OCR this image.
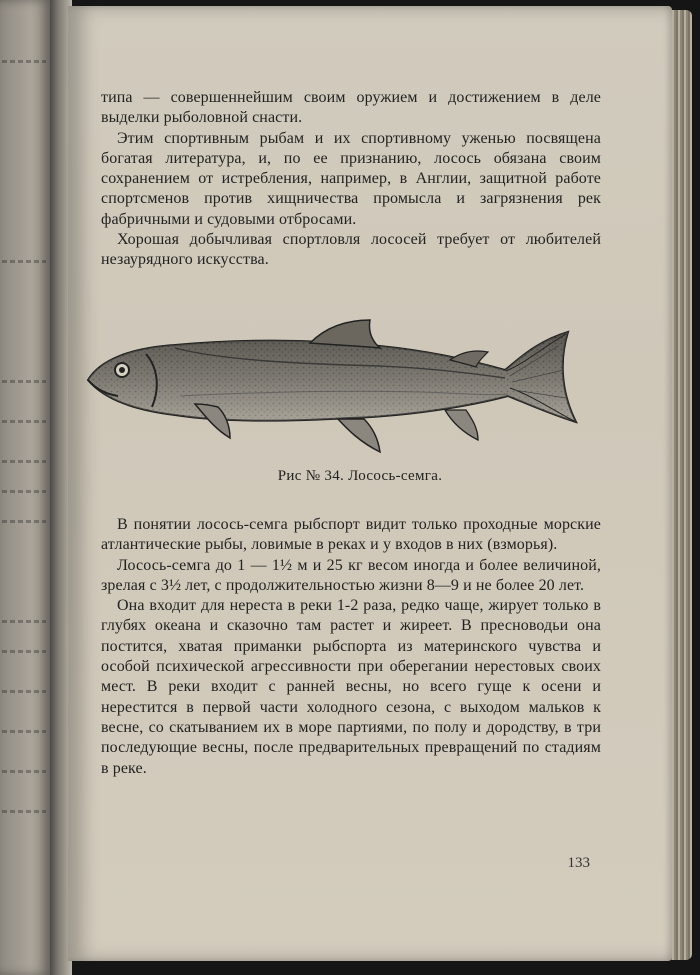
типа — совершеннейшим своим оружием и достижением в деле выделки рыболовной снасти.

Этим спортивным рыбам и их спортивному уженью посвящена богатая литература, и, по ее признанию, лосось обязана своим сохранением от истребления, например, в Англии, защитной работе спортсменов против хищничества промысла и загрязнения рек фабричными и судовыми отбросами.

Хорошая добычливая спортловля лососей требует от любителей незаурядного искусства.

Рис № 34. Лосось-семга.

В понятии лосось-семга рыбспорт видит только проходные морские атлантические рыбы, ловимые в реках и у входов в них (взморья).

Лосось-семга до 1 — 1½ м и 25 кг весом иногда и более величиной, зрелая с 3½ лет, с продолжительностью жизни 8—9 и не более 20 лет.

Она входит для нереста в реки 1-2 раза, редко чаще, жирует только в глубях океана и сказочно там растет и жиреет. В пресноводьи она постится, хватая приманки рыбспорта из материнского чувства и особой психической агрессивности при оберегании нерестовых своих мест. В реки входит с ранней весны, но всего гуще к осени и нерестится в первой части холодного сезона, с выходом мальков к весне, со скатыванием их в море партиями, по полу и дородству, в три последующие весны, после предварительных превращений по стадиям в реке.

133
